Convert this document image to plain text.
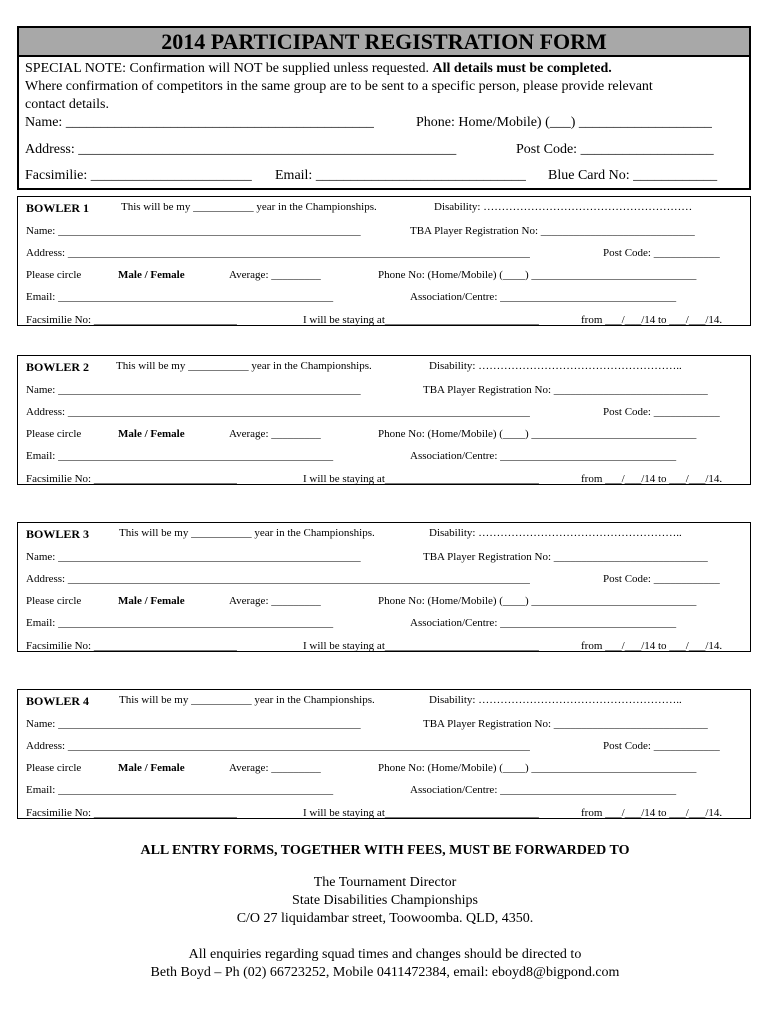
2014 PARTICIPANT REGISTRATION FORM
SPECIAL NOTE: Confirmation will NOT be supplied unless requested. All details must be completed.
Where confirmation of competitors in the same group are to be sent to a specific person, please provide relevant
contact details.
Name: ____________________________________________	Phone: Home/Mobile) (___) ___________________
Address: ______________________________________________________	Post Code: ___________________
Facsimilie: _______________________ Email: ______________________________ Blue Card No: ____________
BOWLER 1	This will be my ___________ year in the Championships.	Disability: …………………………………………………
Name: _______________________________________________________	TBA Player Registration No: ____________________________
Address: ____________________________________________________________________________________	Post Code: ____________
Please circle	Male / Female	Average: _________	Phone No: (Home/Mobile) (____) ______________________________
Email: __________________________________________________	Association/Centre: ________________________________
Facsimilie No: __________________________	I will be staying at____________________________	from ___/___/14 to ___/___/14.
BOWLER 2 This will be my ___________ year in the Championships.	Disability: ………………………………………………..
Name: _______________________________________________________	TBA Player Registration No: ____________________________
Address: ____________________________________________________________________________________	Post Code: ____________
Please circle	Male / Female	Average: _________	Phone No: (Home/Mobile) (____) ______________________________
Email: __________________________________________________	Association/Centre: ________________________________
Facsimilie No: __________________________	I will be staying at____________________________	from ___/___/14 to ___/___/14.
BOWLER 3	This will be my ___________ year in the Championships.	Disability: ………………………………………………..
Name: _______________________________________________________	TBA Player Registration No: ____________________________
Address: ____________________________________________________________________________________	Post Code: ____________
Please circle	Male / Female	Average: _________	Phone No: (Home/Mobile) (____) ______________________________
Email: __________________________________________________	Association/Centre: ________________________________
Facsimilie No: __________________________	I will be staying at____________________________	from ___/___/14 to ___/___/14.
BOWLER 4	This will be my ___________ year in the Championships.	Disability: ………………………………………………..
Name: _______________________________________________________	TBA Player Registration No: ____________________________
Address: ____________________________________________________________________________________	Post Code: ____________
Please circle	Male / Female	Average: _________	Phone No: (Home/Mobile) (____) ______________________________
Email: __________________________________________________	Association/Centre: ________________________________
Facsimilie No: __________________________	I will be staying at____________________________	from ___/___/14 to ___/___/14.
ALL ENTRY FORMS, TOGETHER WITH FEES, MUST BE FORWARDED TO
The Tournament Director
State Disabilities Championships
C/O 27 liquidambar street, Toowoomba. QLD, 4350.
All enquiries regarding squad times and changes should be directed to
Beth Boyd – Ph (02) 66723252, Mobile 0411472384, email: eboyd8@bigpond.com
